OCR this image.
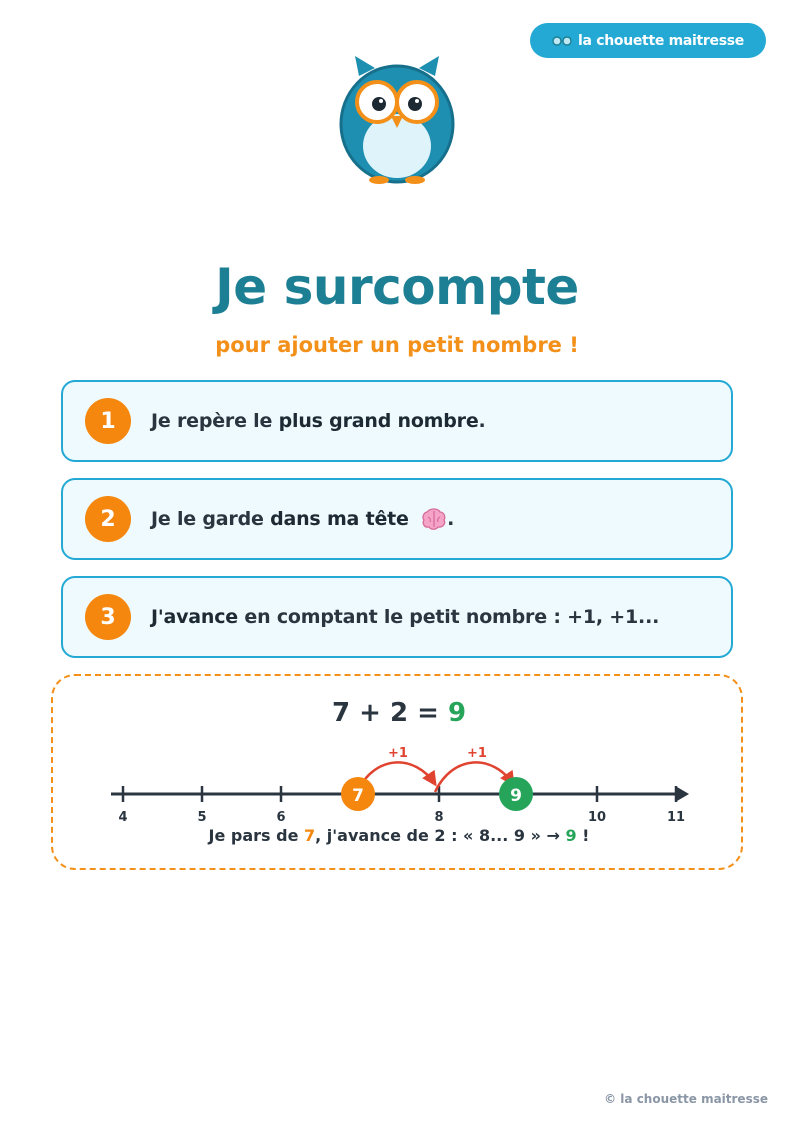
la chouette maitresse
Je surcompte

pour ajouter un petit nombre !

1	Je repère le plus grand nombre.
2	Je le garde dans ma tête .
3	J'avance en comptant le petit nombre : +1, +1...
7 + 2 = 9
4	5	6	8	10	11
+1	+1
7	9
Je pars de 7, j'avance de 2 : « 8... 9 » → 9 !
© la chouette maitresse
